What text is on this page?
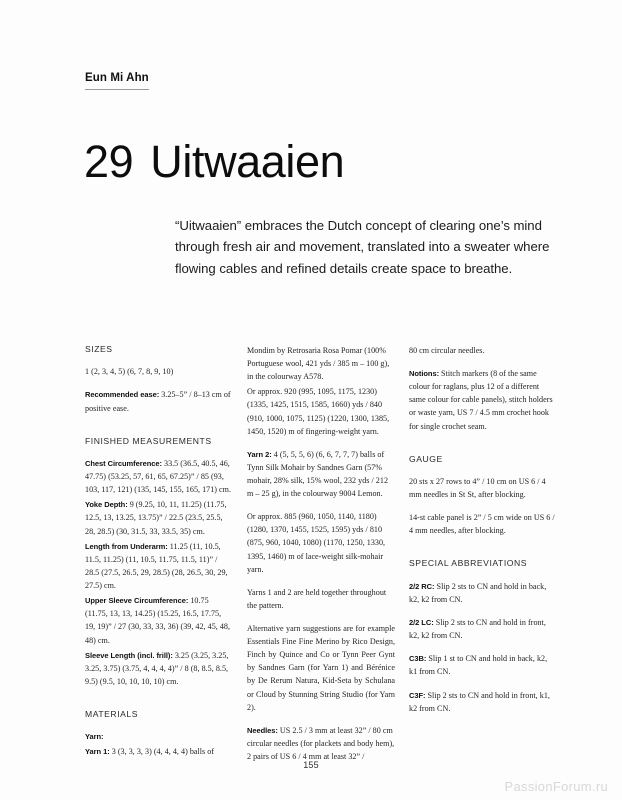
Eun Mi Ahn
29 Uitwaaien
“Uitwaaien” embraces the Dutch concept of clearing one’s mind through fresh air and movement, translated into a sweater where flowing cables and refined details create space to breathe.
SIZES

1 (2, 3, 4, 5) (6, 7, 8, 9, 10)

Recommended ease: 3.25–5” / 8–13 cm of positive ease.

FINISHED MEASUREMENTS

Chest Circumference: 33.5 (36.5, 40.5, 46, 47.75) (53.25, 57, 61, 65, 67.25)” / 85 (93, 103, 117, 121) (135, 145, 155, 165, 171) cm.

Yoke Depth: 9 (9.25, 10, 11, 11.25) (11.75, 12.5, 13, 13.25, 13.75)” / 22.5 (23.5, 25.5, 28, 28.5) (30, 31.5, 33, 33.5, 35) cm.

Length from Underarm: 11.25 (11, 10.5, 11.5, 11.25) (11, 10.5, 11.75, 11.5, 11)” / 28.5 (27.5, 26.5, 29, 28.5) (28, 26.5, 30, 29, 27.5) cm.

Upper Sleeve Circumference: 10.75 (11.75, 13, 13, 14.25) (15.25, 16.5, 17.75, 19, 19)” / 27 (30, 33, 33, 36) (39, 42, 45, 48, 48) cm.

Sleeve Length (incl. frill): 3.25 (3.25, 3.25, 3.25, 3.75) (3.75, 4, 4, 4, 4)” / 8 (8, 8.5, 8.5, 9.5) (9.5, 10, 10, 10, 10) cm.

MATERIALS

Yarn:

Yarn 1: 3 (3, 3, 3, 3) (4, 4, 4, 4) balls of

Mondim by Retrosaria Rosa Pomar (100% Portuguese wool, 421 yds / 385 m – 100 g), in the colourway A578.

Or approx. 920 (995, 1095, 1175, 1230) (1335, 1425, 1515, 1585, 1660) yds / 840 (910, 1000, 1075, 1125) (1220, 1300, 1385, 1450, 1520) m of fingering-weight yarn.

Yarn 2: 4 (5, 5, 5, 6) (6, 6, 7, 7, 7) balls of Tynn Silk Mohair by Sandnes Garn (57% mohair, 28% silk, 15% wool, 232 yds / 212 m – 25 g), in the colourway 9004 Lemon.

Or approx. 885 (960, 1050, 1140, 1180) (1280, 1370, 1455, 1525, 1595) yds / 810 (875, 960, 1040, 1080) (1170, 1250, 1330, 1395, 1460) m of lace-weight silk-mohair yarn.

Yarns 1 and 2 are held together throughout the pattern.

Alternative yarn suggestions are for example Essentials Fine Fine Merino by Rico Design, Finch by Quince and Co or Tynn Peer Gynt by Sandnes Garn (for Yarn 1) and Bérénice by De Rerum Natura, Kid-Seta by Schulana or Cloud by Stunning String Studio (for Yarn 2).

Needles: US 2.5 / 3 mm at least 32” / 80 cm circular needles (for plackets and body hem), 2 pairs of US 6 / 4 mm at least 32” /

80 cm circular needles.

Notions: Stitch markers (8 of the same colour for raglans, plus 12 of a different same colour for cable panels), stitch holders or waste yarn, US 7 / 4.5 mm crochet hook for single crochet seam.

GAUGE

20 sts x 27 rows to 4” / 10 cm on US 6 / 4 mm needles in St St, after blocking.

14-st cable panel is 2” / 5 cm wide on US 6 / 4 mm needles, after blocking.

SPECIAL ABBREVIATIONS

2/2 RC: Slip 2 sts to CN and hold in back, k2, k2 from CN.

2/2 LC: Slip 2 sts to CN and hold in front, k2, k2 from CN.

C3B: Slip 1 st to CN and hold in back, k2, k1 from CN.

C3F: Slip 2 sts to CN and hold in front, k1, k2 from CN.

155
PassionForum.ru
